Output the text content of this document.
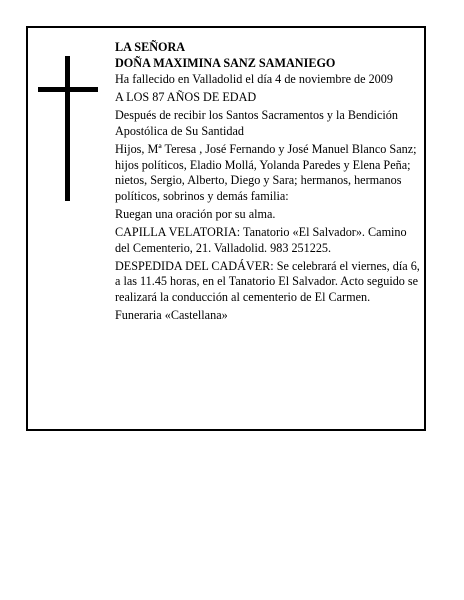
LA SEÑORA

DOÑA MAXIMINA SANZ SAMANIEGO

Ha fallecido en Valladolid el día 4 de noviembre de 2009

A LOS 87 AÑOS DE EDAD

Después de recibir los Santos Sacramentos y la Bendición Apostólica de Su Santidad

Hijos, Mª Teresa , José Fernando y José Manuel Blanco Sanz; hijos políticos, Eladio Mollá, Yolanda Paredes y Elena Peña; nietos, Sergio, Alberto, Diego y Sara; hermanos, hermanos políticos, sobrinos y demás familia:

Ruegan una oración por su alma.

CAPILLA VELATORIA: Tanatorio «El Salvador». Camino del Cementerio, 21. Valladolid. 983 251225.

DESPEDIDA DEL CADÁVER: Se celebrará el viernes, día 6, a las 11.45 horas, en el Tanatorio El Salvador. Acto seguido se realizará la conducción al cementerio de El Carmen.

Funeraria «Castellana»
